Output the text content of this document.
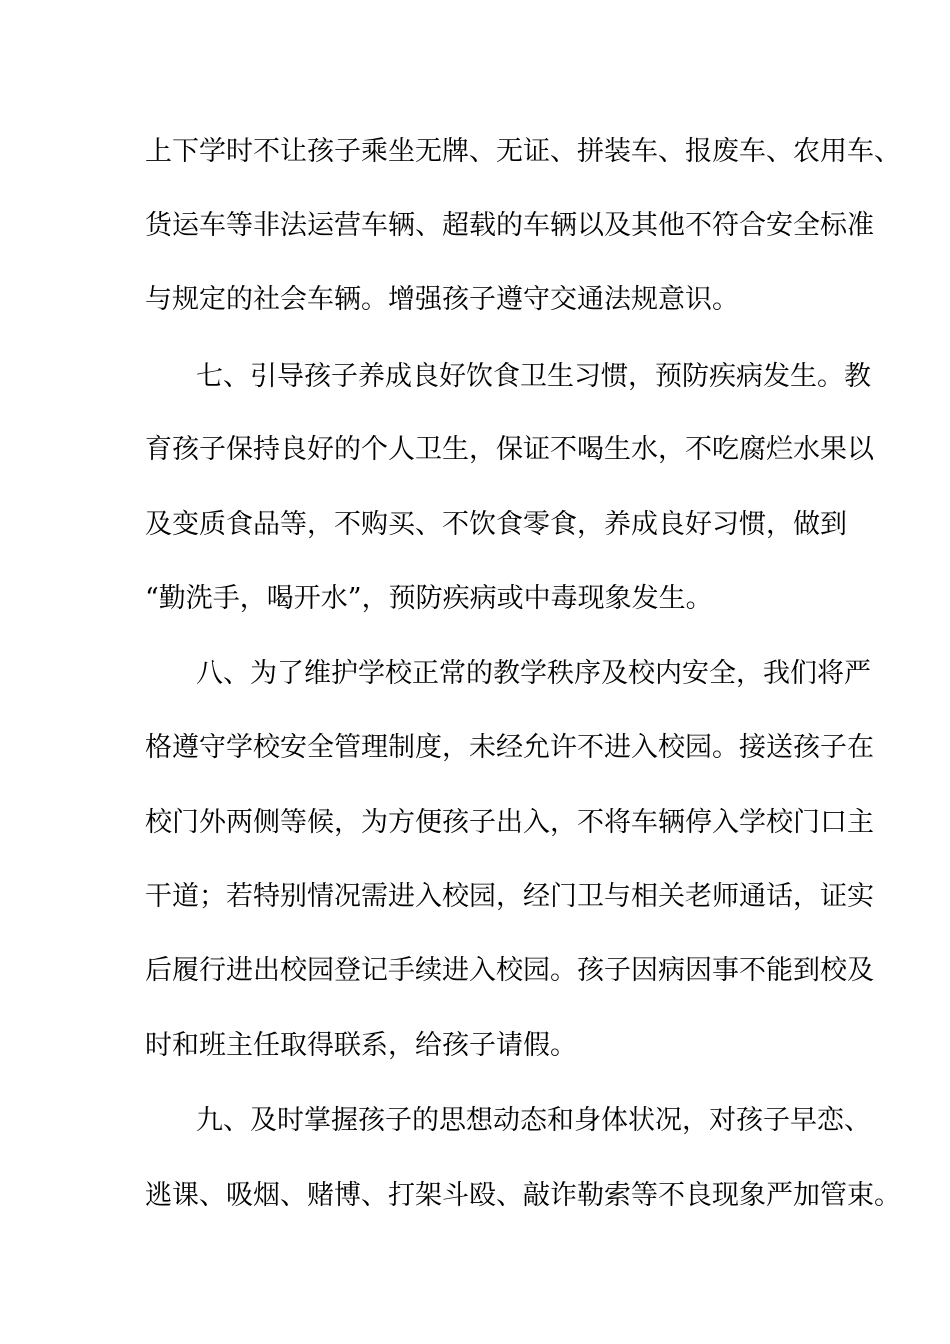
上下学时不让孩子乘坐无牌、无证、拼装车、报废车、农用车、
货运车等非法运营车辆、超载的车辆以及其他不符合安全标准
与规定的社会车辆。增强孩子遵守交通法规意识。
七、引导孩子养成良好饮食卫生习惯，预防疾病发生。教
育孩子保持良好的个人卫生，保证不喝生水，不吃腐烂水果以
及变质食品等，不购买、不饮食零食，养成良好习惯，做到
“勤洗手，喝开水”，预防疾病或中毒现象发生。
八、为了维护学校正常的教学秩序及校内安全，我们将严
格遵守学校安全管理制度，未经允许不进入校园。接送孩子在
校门外两侧等候，为方便孩子出入，不将车辆停入学校门口主
干道；若特别情况需进入校园，经门卫与相关老师通话，证实
后履行进出校园登记手续进入校园。孩子因病因事不能到校及
时和班主任取得联系，给孩子请假。
九、及时掌握孩子的思想动态和身体状况，对孩子早恋、
逃课、吸烟、赌博、打架斗殴、敲诈勒索等不良现象严加管束。
